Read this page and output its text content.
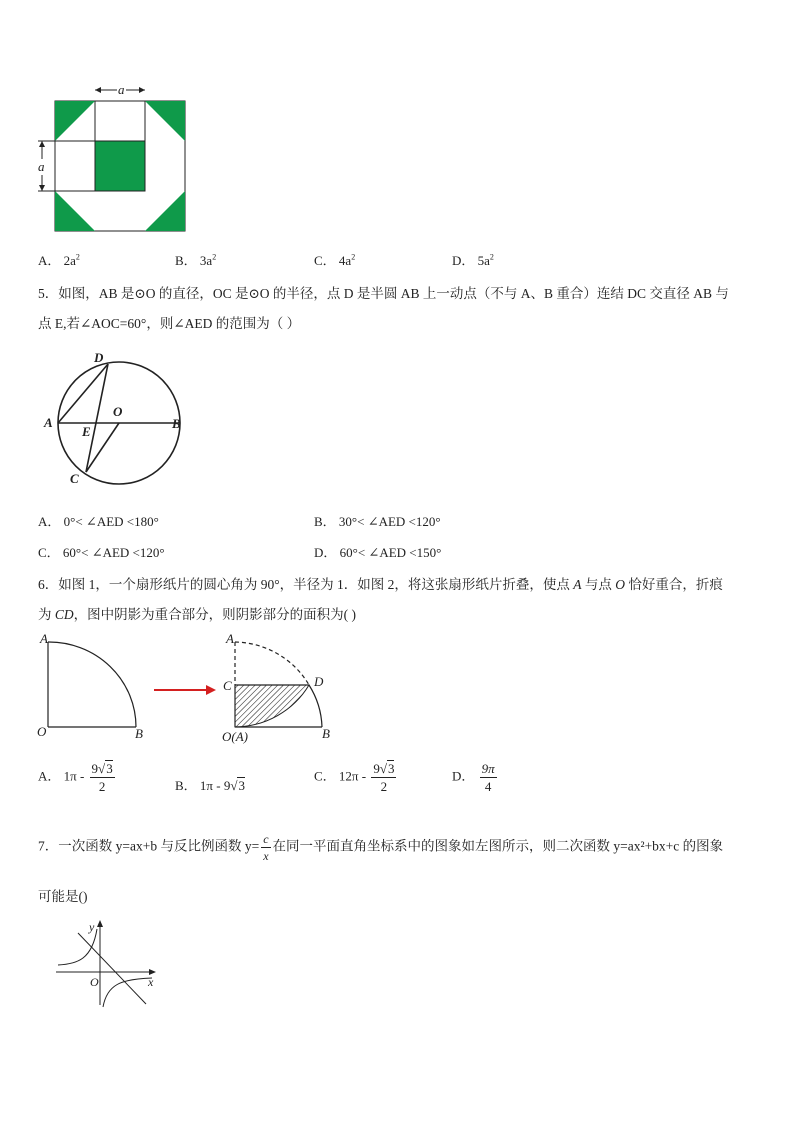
a
a
A． $2a^2$	B． $3a^2$	C． $4a^2$	D． $5a^2$
5．如图，AB 是⊙O 的直径，OC 是⊙O 的半径，点 D 是半圆 AB 上一动点（不与 A、B 重合）连结 DC 交直径 AB 与
点 E,若∠AOC=60°，则∠AED 的范围为（ ）
D
A
O
B
E
C
A． 0°< ∠AED <180°	B． 30°< ∠AED <120°
C． 60°< ∠AED <120°	D． 60°< ∠AED <150°
6．如图 1，一个扇形纸片的圆心角为 90°，半径为 1．如图 2，将这张扇形纸片折叠，使点 A 与点 O 恰好重合，折痕
为 CD，图中阴影为重合部分，则阴影部分的面积为( )
A
O	B
A
C	D
O(A)	B
A． $1\pi - \frac{9√3}{2}$	B． 1π - 9√3
C． $12\pi - \frac{9√3}{2}$	D． $\frac{9\pi}{4}$
7．一次函数 y=ax+b 与反比例函数 $y= \frac{c}{x}$ 在同一平面直角坐标系中的图象如左图所示，则二次函数 y=ax²+bx+c 的图象
可能是()
y
x
O
